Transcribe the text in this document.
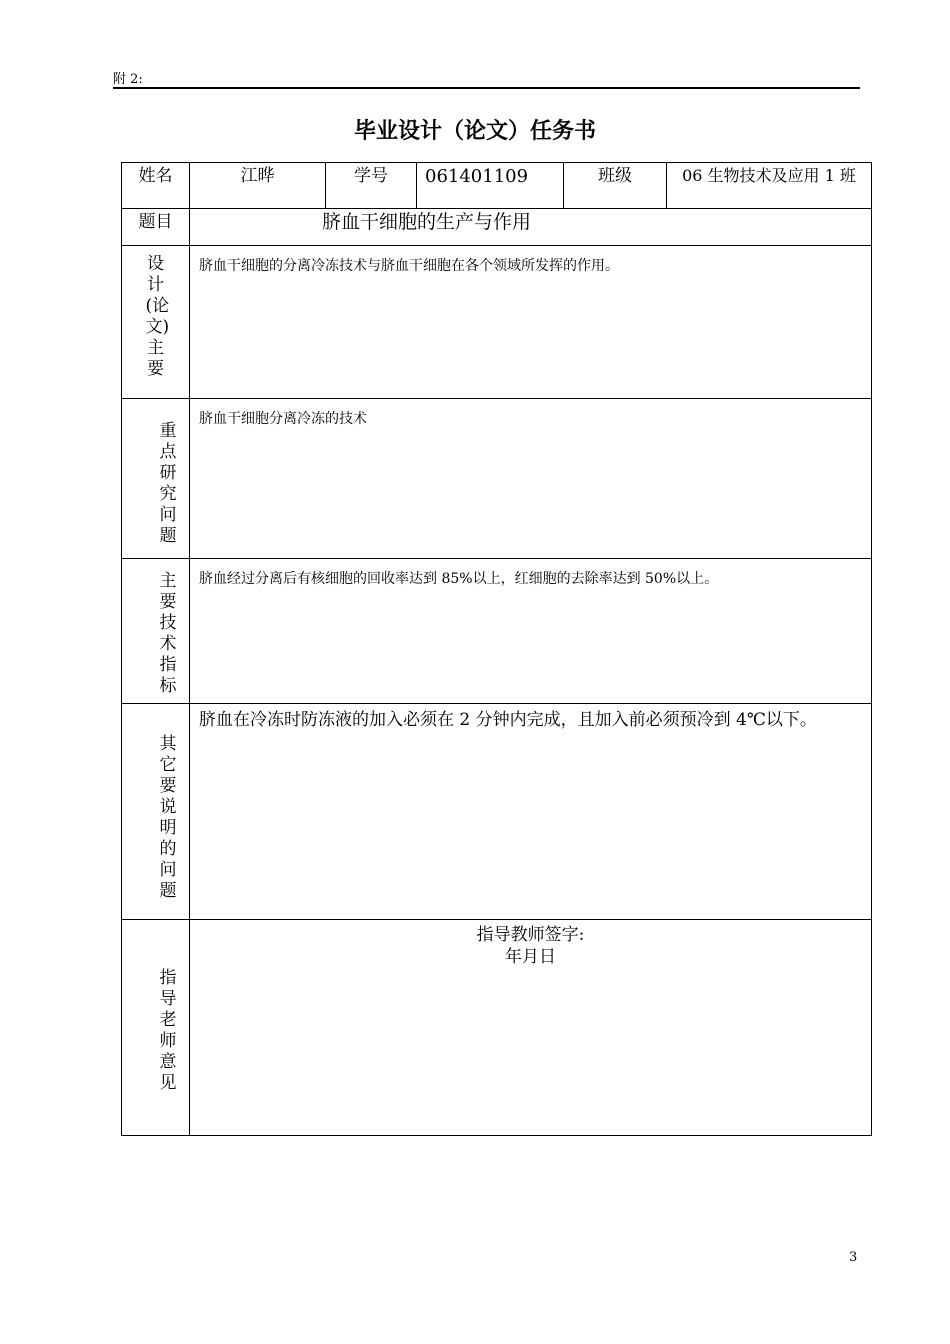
附 2:
毕业设计（论文）任务书
姓名	江晔	学号	061401109	班级	06 生物技术及应用 1 班
题目	脐血干细胞的生产与作用				

设计(论文)主要	脐血干细胞的分离冷冻技术与脐血干细胞在各个领域所发挥的作用。				

重点研究问题	脐血干细胞分离冷冻的技术				

主要技术指标	脐血经过分离后有核细胞的回收率达到 85%以上，红细胞的去除率达到 50%以上。				

其它要说明的问题	脐血在冷冻时防冻液的加入必须在 2 分钟内完成，且加入前必须预冷到 4℃以下。				

指导老师意见	指导教师签字:
年月日				
3
